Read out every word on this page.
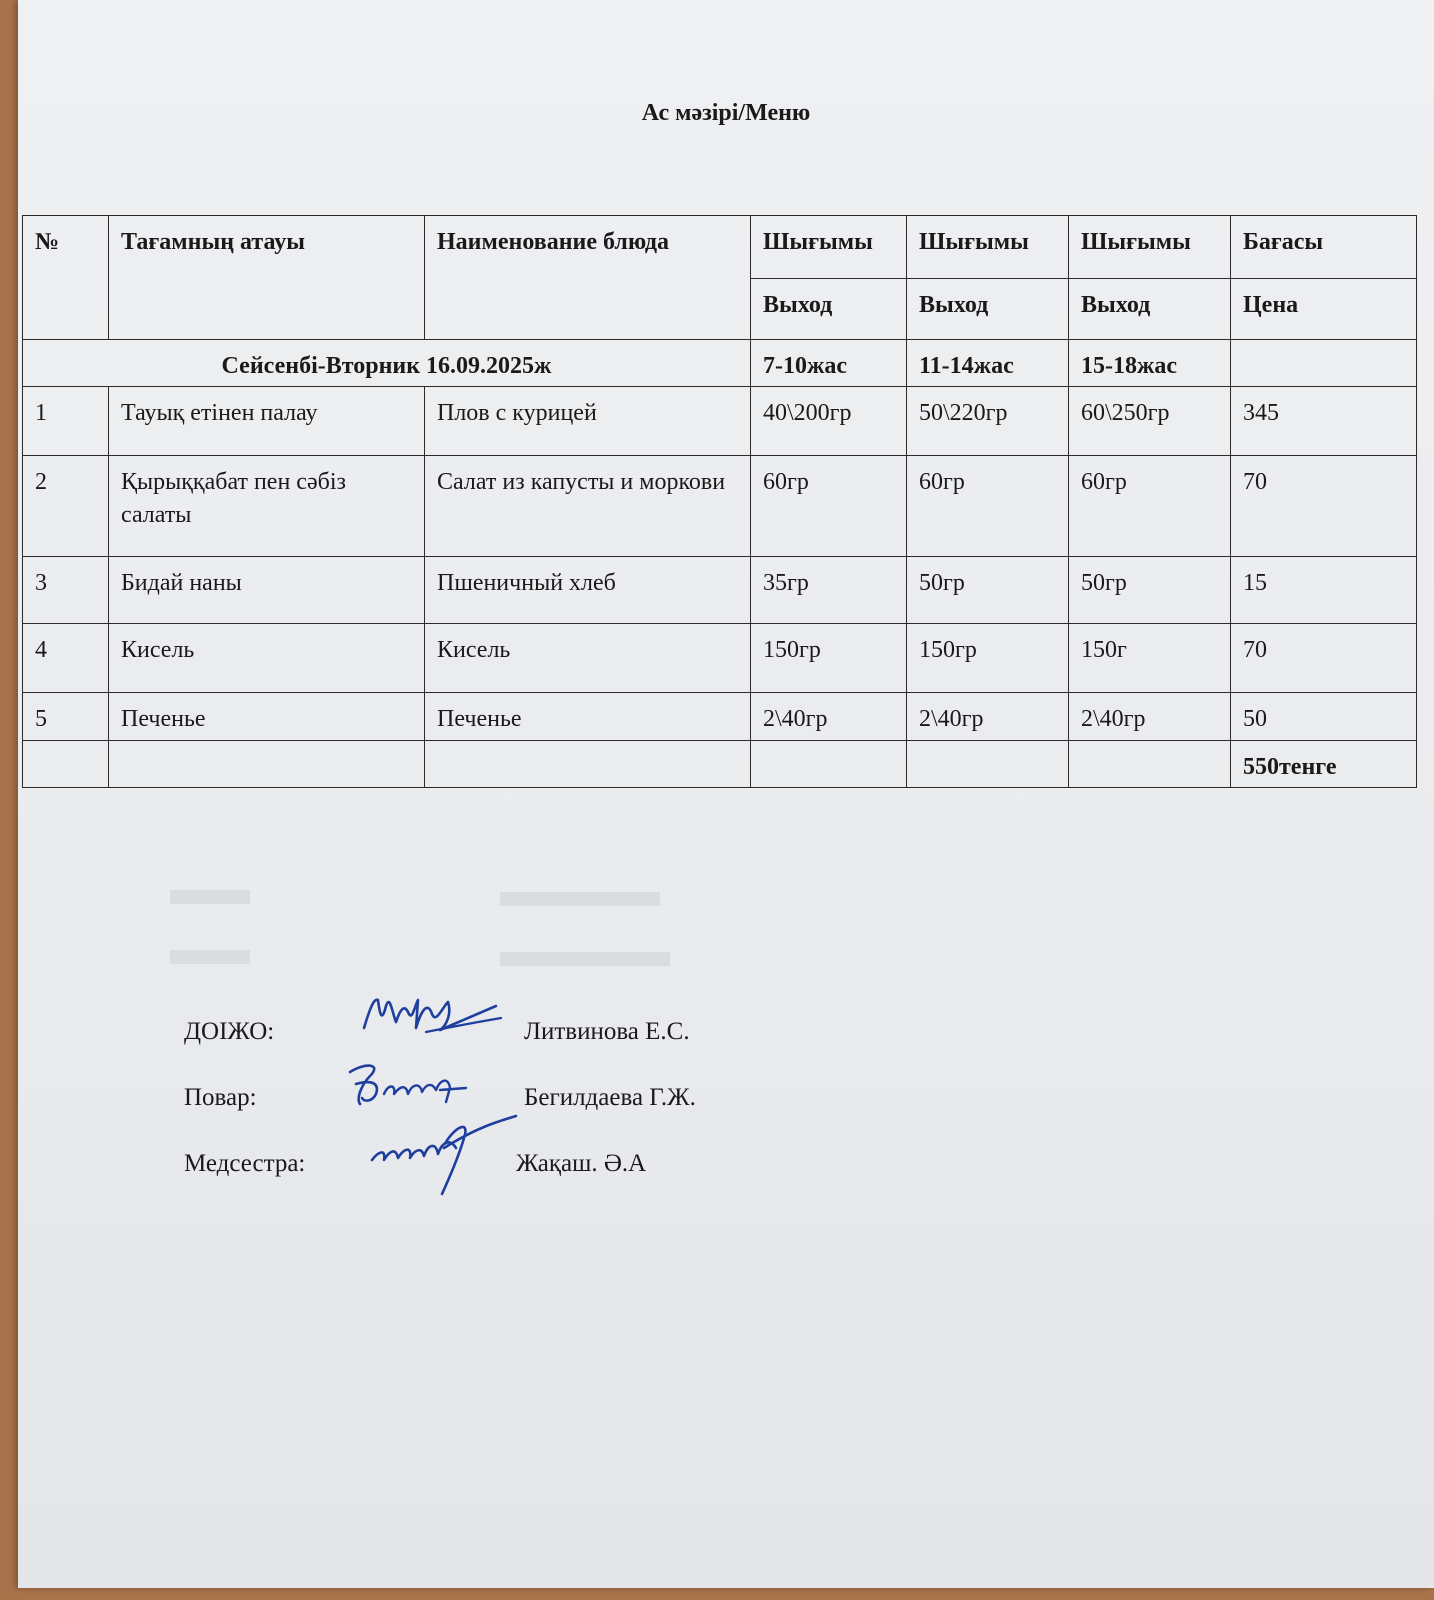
Ас мәзірі/Меню
№	Тағамның атауы	Наименование блюда	Шығымы	Шығымы	Шығымы	Бағасы
			Выход	Выход	Выход	Цена
Сейсенбі-Вторник 16.09.2025ж			7-10жас	11-14жас	15-18жас	
1	Тауық етінен палау	Плов с курицей	40\200гр	50\220гр	60\250гр	345
2	Қырыққабат пен сәбіз салаты	Салат из капусты и моркови	60гр	60гр	60гр	70
3	Бидай наны	Пшеничный хлеб	35гр	50гр	50гр	15
4	Кисель	Кисель	150гр	150гр	150г	70
5	Печенье	Печенье	2\40гр	2\40гр	2\40гр	50
						550тенге
ДОІЖО:	Литвинова Е.С.
Повар:	Бегилдаева Г.Ж.
Медсестра:	Жақаш. Ә.А
